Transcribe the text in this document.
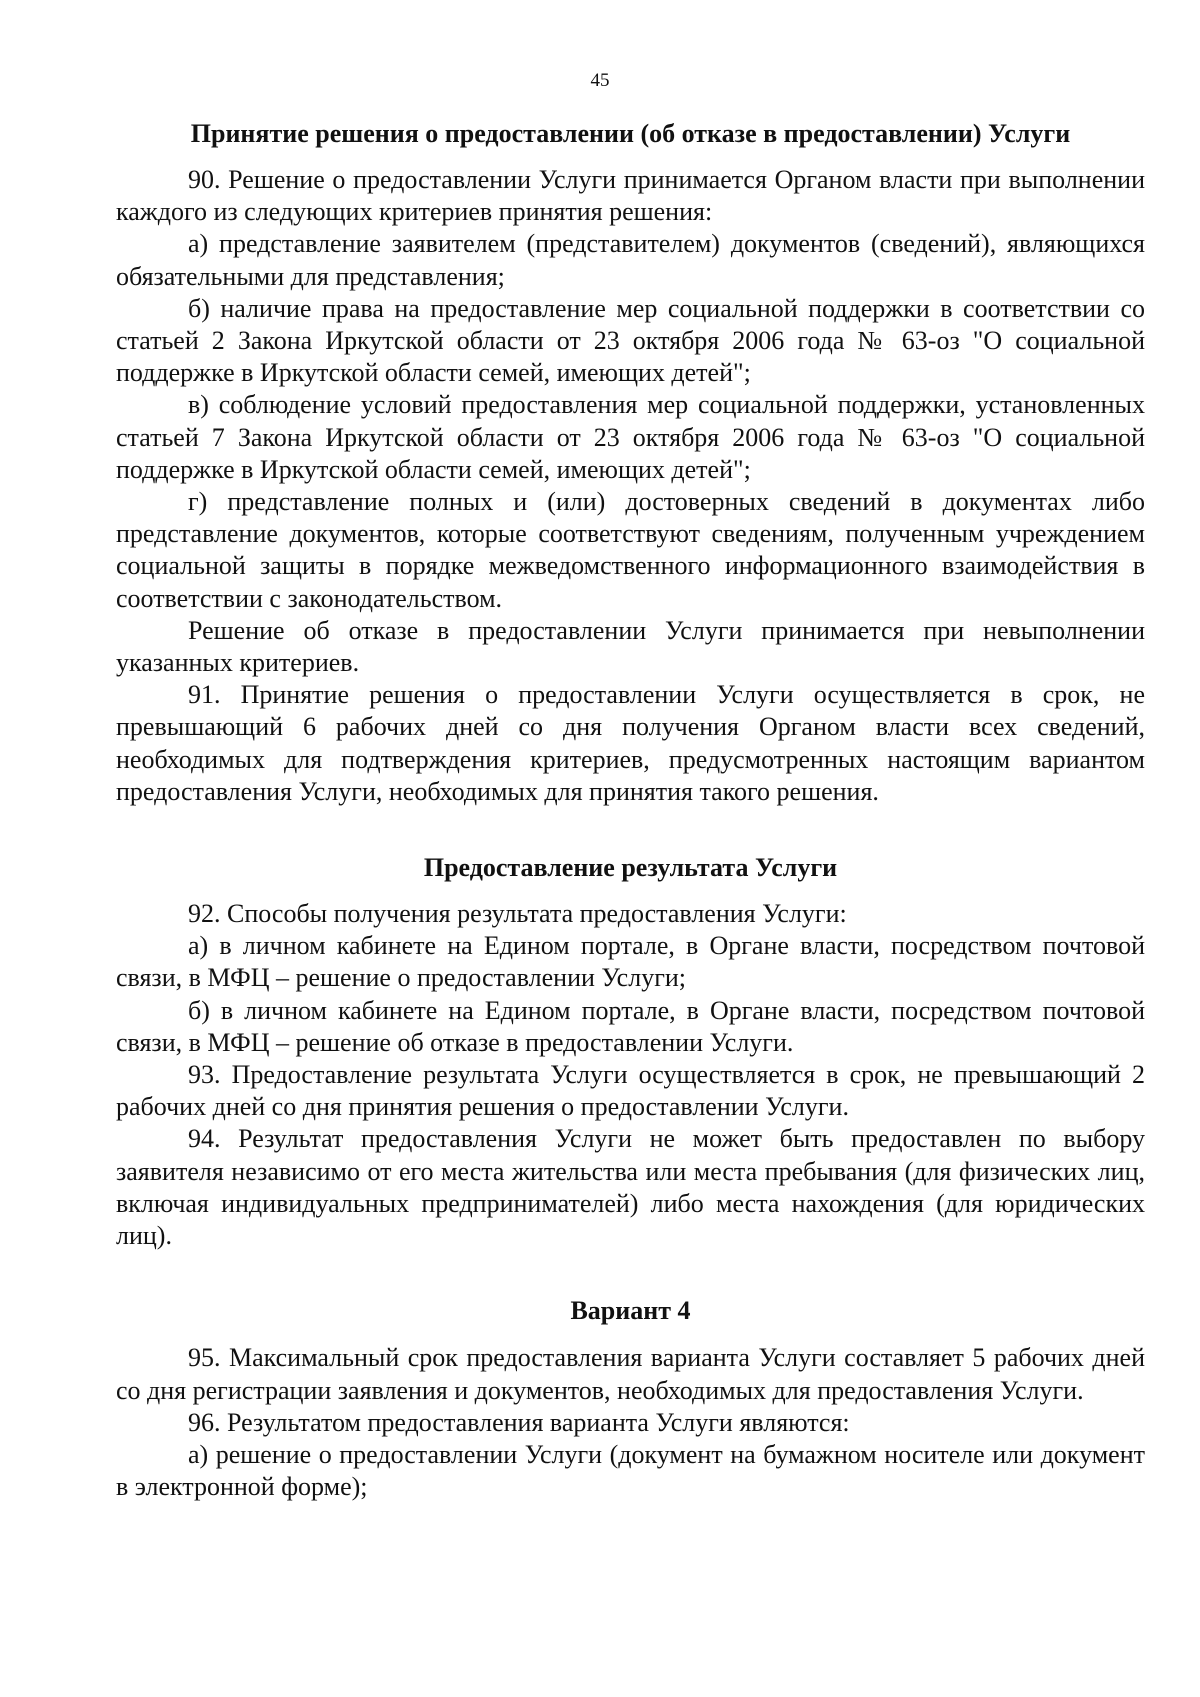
45
Принятие решения о предоставлении (об отказе в предоставлении) Услуги

90. Решение о предоставлении Услуги принимается Органом власти при выполнении каждого из следующих критериев принятия решения:

а) представление заявителем (представителем) документов (сведений), являющихся обязательными для представления;

б) наличие права на предоставление мер социальной поддержки в соответствии со статьей 2 Закона Иркутской области от 23 октября 2006 года № 63-оз "О социальной поддержке в Иркутской области семей, имеющих детей";

в) соблюдение условий предоставления мер социальной поддержки, установленных статьей 7 Закона Иркутской области от 23 октября 2006 года № 63-оз "О социальной поддержке в Иркутской области семей, имеющих детей";

г) представление полных и (или) достоверных сведений в документах либо представление документов, которые соответствуют сведениям, полученным учреждением социальной защиты в порядке межведомственного информационного взаимодействия в соответствии с законодательством.

Решение об отказе в предоставлении Услуги принимается при невыполнении указанных критериев.

91. Принятие решения о предоставлении Услуги осуществляется в срок, не превышающий 6 рабочих дней со дня получения Органом власти всех сведений, необходимых для подтверждения критериев, предусмотренных настоящим вариантом предоставления Услуги, необходимых для принятия такого решения.

Предоставление результата Услуги

92. Способы получения результата предоставления Услуги:

а) в личном кабинете на Едином портале, в Органе власти, посредством почтовой связи, в МФЦ – решение о предоставлении Услуги;

б) в личном кабинете на Едином портале, в Органе власти, посредством почтовой связи, в МФЦ – решение об отказе в предоставлении Услуги.

93. Предоставление результата Услуги осуществляется в срок, не превышающий 2 рабочих дней со дня принятия решения о предоставлении Услуги.

94. Результат предоставления Услуги не может быть предоставлен по выбору заявителя независимо от его места жительства или места пребывания (для физических лиц, включая индивидуальных предпринимателей) либо места нахождения (для юридических лиц).

Вариант 4

95. Максимальный срок предоставления варианта Услуги составляет 5 рабочих дней со дня регистрации заявления и документов, необходимых для предоставления Услуги.

96. Результатом предоставления варианта Услуги являются:

а) решение о предоставлении Услуги (документ на бумажном носителе или документ в электронной форме);
